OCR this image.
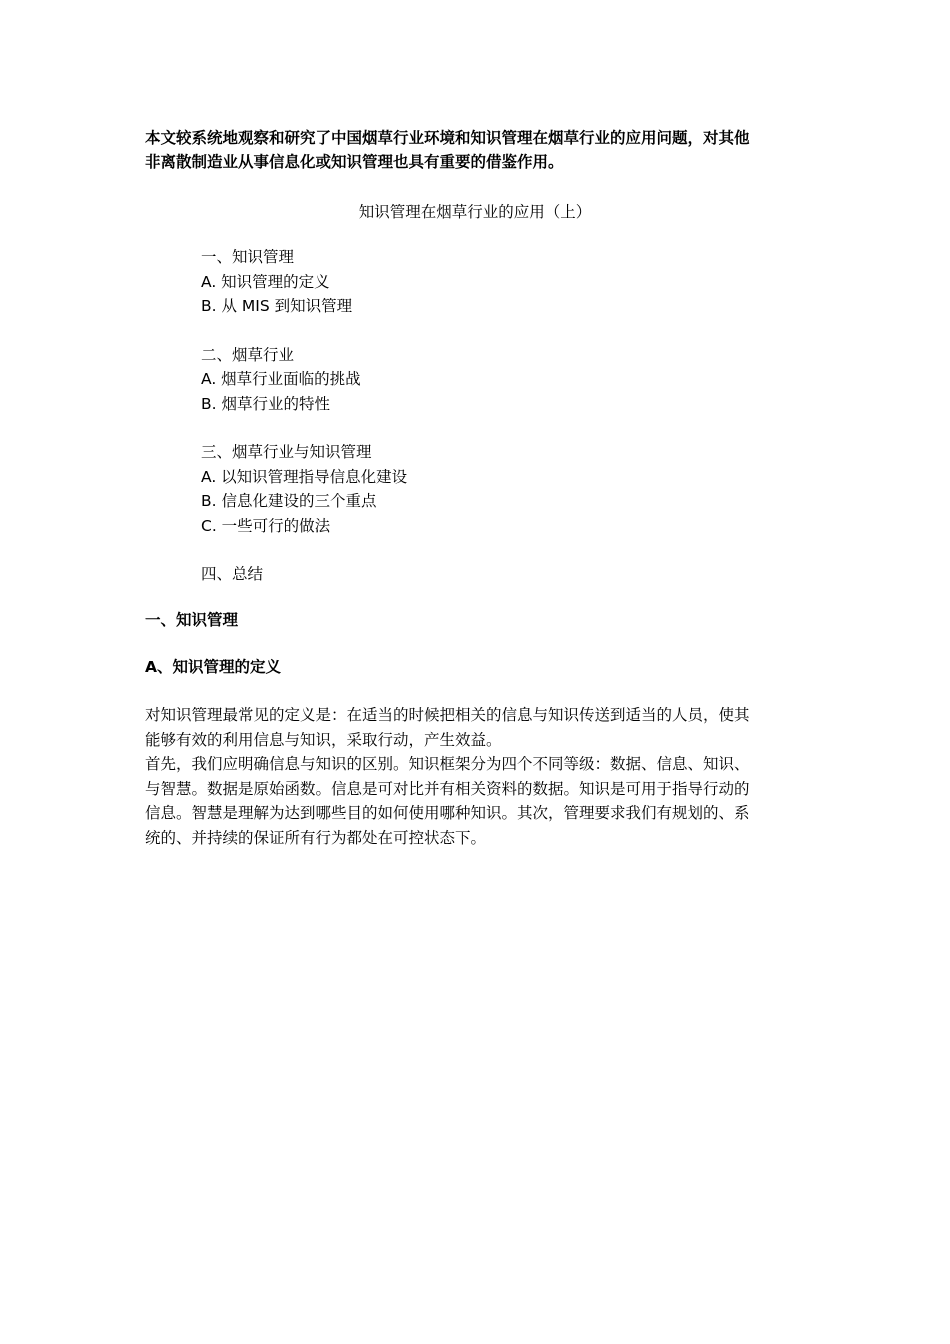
本文较系统地观察和研究了中国烟草行业环境和知识管理在烟草行业的应用问题，对其他

非离散制造业从事信息化或知识管理也具有重要的借鉴作用。

知识管理在烟草行业的应用（上）

一、知识管理

A. 知识管理的定义

B. 从 MIS 到知识管理

二、烟草行业

A. 烟草行业面临的挑战

B. 烟草行业的特性

三、烟草行业与知识管理

A. 以知识管理指导信息化建设

B. 信息化建设的三个重点

C. 一些可行的做法

四、总结

一、知识管理

A、知识管理的定义

对知识管理最常见的定义是：在适当的时候把相关的信息与知识传送到适当的人员，使其

能够有效的利用信息与知识，采取行动，产生效益。

首先，我们应明确信息与知识的区别。知识框架分为四个不同等级：数据、信息、知识、

与智慧。数据是原始函数。信息是可对比并有相关资料的数据。知识是可用于指导行动的

信息。智慧是理解为达到哪些目的如何使用哪种知识。其次，管理要求我们有规划的、系

统的、并持续的保证所有行为都处在可控状态下。
